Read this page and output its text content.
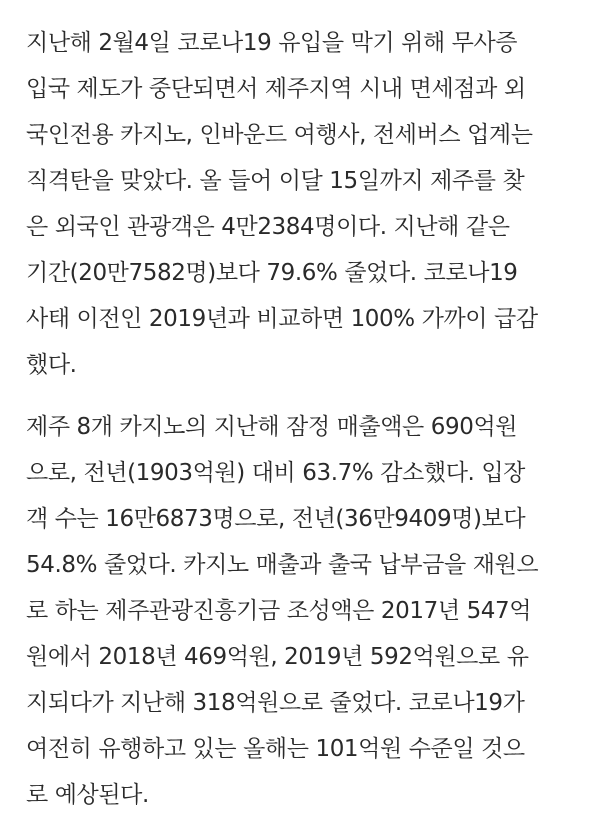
지난해 2월4일 코로나19 유입을 막기 위해 무사증
입국 제도가 중단되면서 제주지역 시내 면세점과 외
국인전용 카지노, 인바운드 여행사, 전세버스 업계는
직격탄을 맞았다. 올 들어 이달 15일까지 제주를 찾
은 외국인 관광객은 4만2384명이다. 지난해 같은
기간(20만7582명)보다 79.6% 줄었다. 코로나19
사태 이전인 2019년과 비교하면 100% 가까이 급감
했다.

제주 8개 카지노의 지난해 잠정 매출액은 690억원
으로, 전년(1903억원) 대비 63.7% 감소했다. 입장
객 수는 16만6873명으로, 전년(36만9409명)보다
54.8% 줄었다. 카지노 매출과 출국 납부금을 재원으
로 하는 제주관광진흥기금 조성액은 2017년 547억
원에서 2018년 469억원, 2019년 592억원으로 유
지되다가 지난해 318억원으로 줄었다. 코로나19가
여전히 유행하고 있는 올해는 101억원 수준일 것으
로 예상된다.
